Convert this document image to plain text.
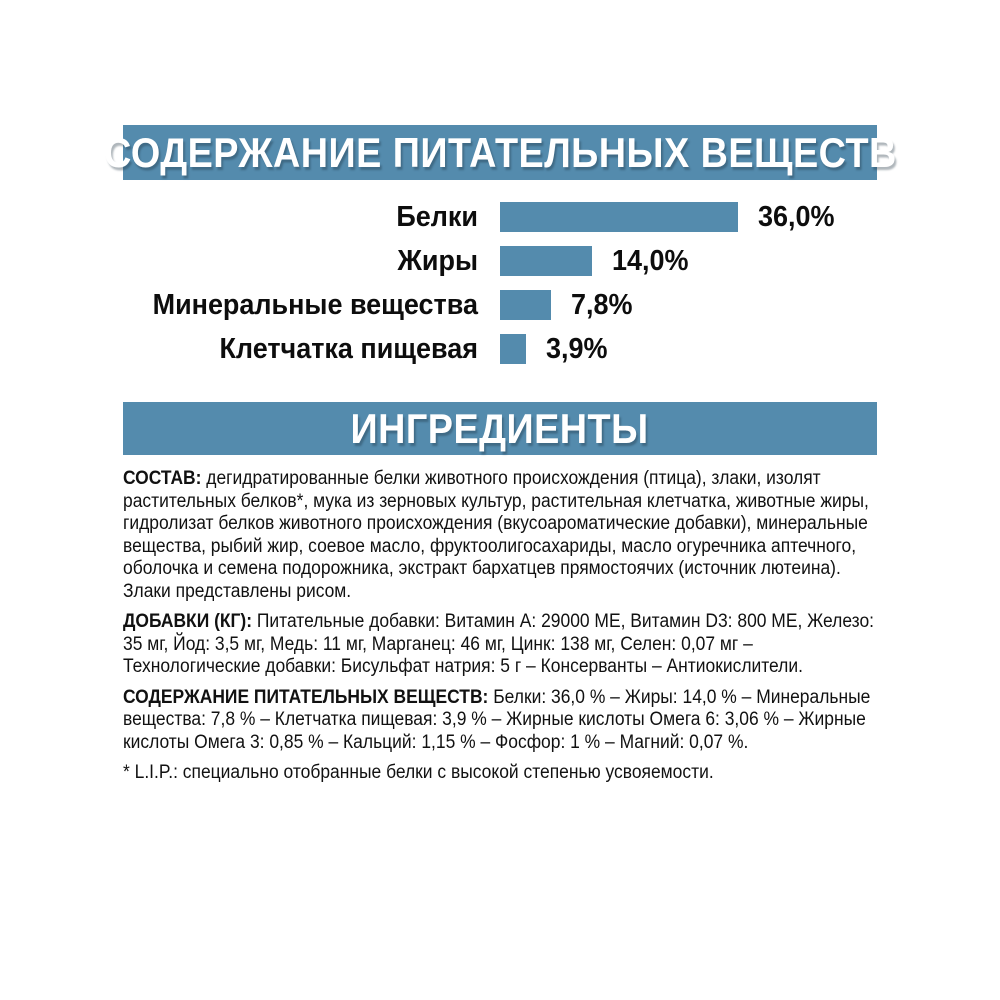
СОДЕРЖАНИЕ ПИТАТЕЛЬНЫХ ВЕЩЕСТВ
Белки	36,0%
Жиры	14,0%
Минеральные вещества	7,8%
Клетчатка пищевая 3,9%
ИНГРЕДИЕНТЫ

СОСТАВ: дегидратированные белки животного происхождения (птица), злаки, изолят растительных белков*, мука из зерновых культур, растительная клетчатка, животные жиры, гидролизат белков животного происхождения (вкусоароматические добавки), минеральные вещества, рыбий жир, соевое масло, фруктоолигосахариды, масло огуречника аптечного, оболочка и семена подорожника, экстракт бархатцев прямостоячих (источник лютеина). Злаки представлены рисом.

ДОБАВКИ (КГ): Питательные добавки: Витамин А: 29000 МЕ, Витамин D3: 800 МЕ, Железо: 35 мг, Йод: 3,5 мг, Медь: 11 мг, Марганец: 46 мг, Цинк: 138 мг, Селен: 0,07 мг – Технологические добавки: Бисульфат натрия: 5 г – Консерванты – Антиокислители.

СОДЕРЖАНИЕ ПИТАТЕЛЬНЫХ ВЕЩЕСТВ: Белки: 36,0 % – Жиры: 14,0 % – Минеральные вещества: 7,8 % – Клетчатка пищевая: 3,9 % – Жирные кислоты Омега 6: 3,06 % – Жирные кислоты Омега 3: 0,85 % – Кальций: 1,15 % – Фосфор: 1 % – Магний: 0,07 %.

* L.I.P.: специально отобранные белки с высокой степенью усвояемости.
